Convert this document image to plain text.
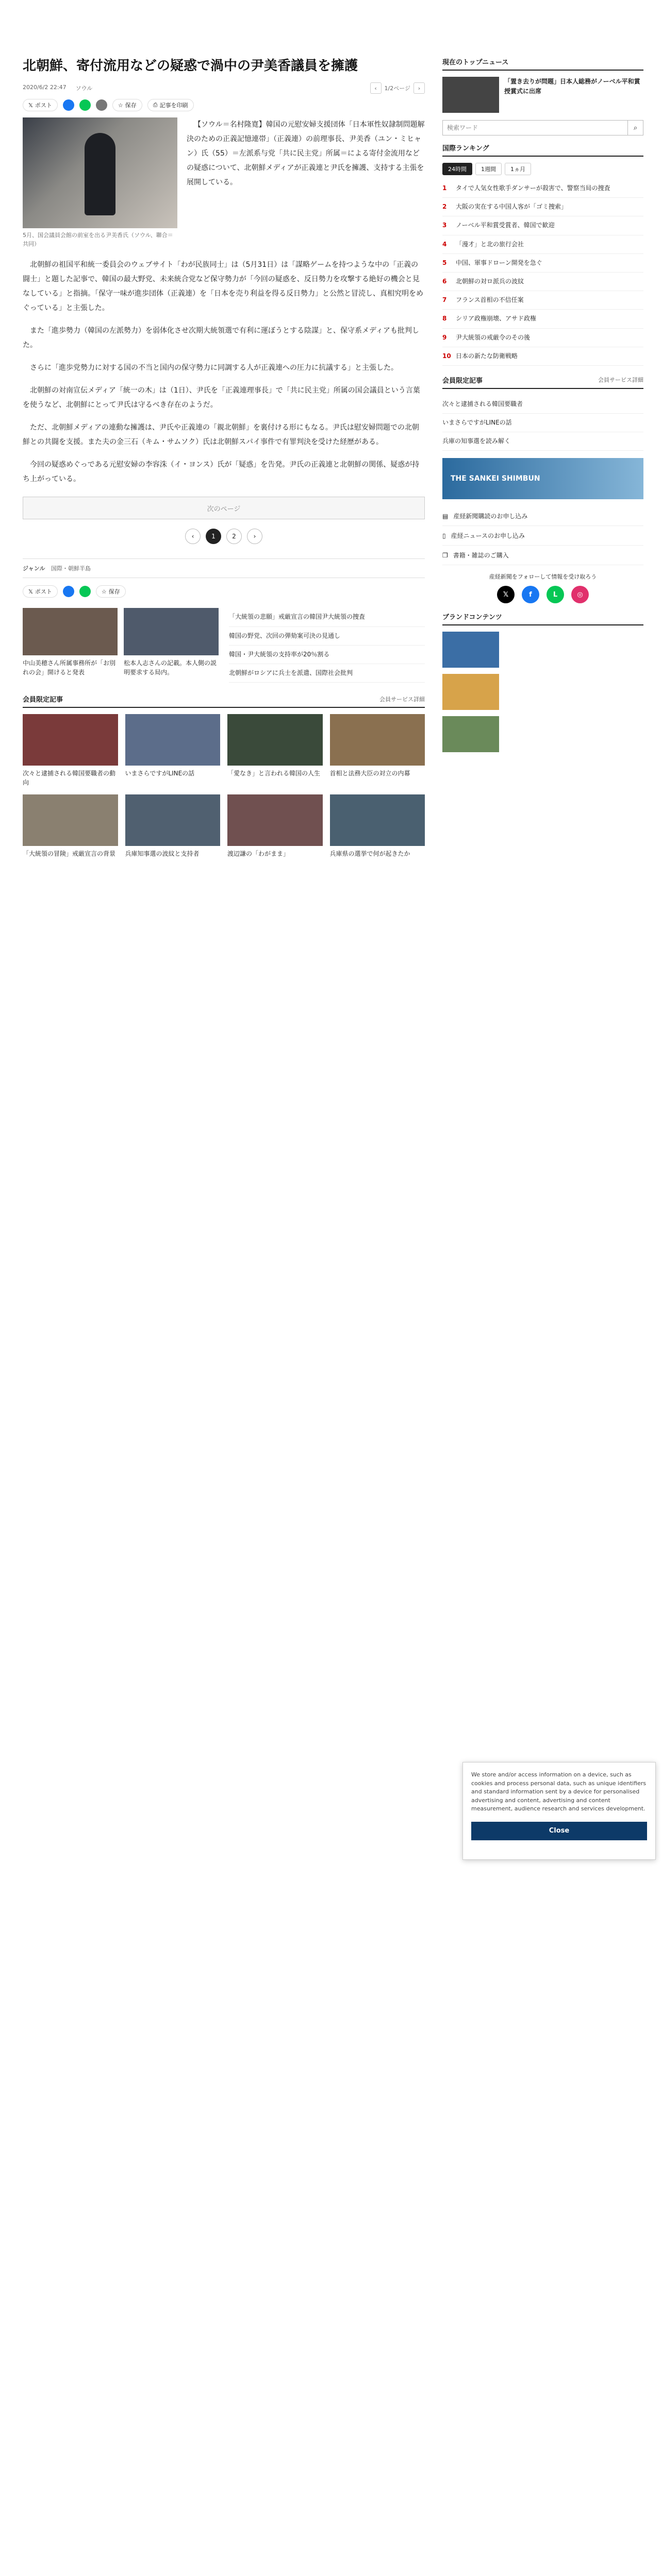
北朝鮮、寄付流用などの疑惑で渦中の尹美香議員を擁護
2020/6/2 22:47 ソウル	‹	1/2ページ	›
𝕏 ポスト	☆ 保存	⎙ 記事を印刷
5月、国会議員会館の前室を出る尹美香氏（ソウル、聯合＝共同）

【ソウル＝名村隆寛】韓国の元慰安婦支援団体「日本軍性奴隷制問題解決のための正義記憶連帯」（正義連）の前理事長、尹美香（ユン・ミヒャン）氏（55）＝左派系与党「共に民主党」所属＝による寄付金流用などの疑惑について、北朝鮮メディアが正義連と尹氏を擁護、支持する主張を展開している。

北朝鮮の祖国平和統一委員会のウェブサイト「わが民族同士」は（5月31日）は「謀略ゲームを持つような中の「正義の闘士」と題した記事で、韓国の最大野党、未来統合党など保守勢力が「今回の疑惑を、反日勢力を攻撃する絶好の機会と見なしている」と指摘。「保守一味が進歩団体（正義連）を「日本を売り利益を得る反日勢力」と公然と冒涜し、真相究明をめぐっている」と主張した。

また「進歩勢力（韓国の左派勢力）を弱体化させ次期大統領選で有利に運ぼうとする陰謀」と、保守系メディアも批判した。

さらに「進歩党勢力に対する国の不当と国内の保守勢力に同調する人が正義連への圧力に抗議する」と主張した。

北朝鮮の対南宣伝メディア「統一の木」は（1日）、尹氏を「正義連理事長」で「共に民主党」所属の国会議員という言葉を使うなど、北朝鮮にとって尹氏は守るべき存在のようだ。

ただ、北朝鮮メディアの連動な擁護は、尹氏や正義連の「親北朝鮮」を裏付ける形にもなる。尹氏は慰安婦問題での北朝鮮との共闘を支援。また夫の金三石（キム・サムソク）氏は北朝鮮スパイ事件で有罪判決を受けた経歴がある。

今回の疑惑めぐっである元慰安婦の李容洙（イ・ヨンス）氏が「疑惑」を告発。尹氏の正義連と北朝鮮の関係、疑惑が持ち上がっている。

次のページ
‹	1	2	›
ジャンル 国際・朝鮮半島
𝕏 ポスト	☆ 保存
中山美穂さん所属事務所が「お別れの会」開けると発表
松本人志さんの記載。本人側の説明要求する局内。
「大統領の悲願」戒厳宣言の韓国尹大統領の捜査
韓国の野党、次回の弾劾案可決の見通し
韓国・尹大統領の支持率が20％割る
北朝鮮がロシアに兵士を派遣、国際社会批判
会員限定記事	会員サービス詳細
次々と逮捕される韓国要職者の動向
いまさらですがLINEの話	「愛なき」と言われる韓国の人生	首相と法務大臣の対立の内幕
「大統領の冒険」戒厳宣言の背景	兵庫知事選の波紋と支持者	渡辺謙の「わがまま」	兵庫県の選挙で何が起きたか
現在のトップニュース
「置き去りが問題」日本人総務がノーベル平和賞授賞式に出席
検索ワード
⌕
国際ランキング
24時間	1週間	1ヵ月
1	タイで人気女性歌手ダンサーが殺害で、警察当局の捜査
2	大阪の実在する中国人客が「ゴミ捜索」
3	ノーベル平和賞受賞者、韓国で歓迎
4	「漫才」と北の旅行会社
5	中国、軍事ドローン開発を急ぐ
6	北朝鮮の対ロ派兵の波紋
7	フランス首相の不信任案
8	シリア政権崩壊、アサド政権
9	尹大統領の戒厳令のその後
10 日本の新たな防衛戦略
会員限定記事	会員サービス詳細
次々と逮捕される韓国要職者
いまさらですがLINEの話
兵庫の知事選を読み解く
THE SANKEI SHIMBUN
▤ 産経新聞購読のお申し込み
▯ 産経ニュースのお申し込み
❐ 書籍・雑誌のご購入
産経新聞をフォローして情報を受け取ろう
𝕏	f	L	◎
ブランドコンテンツ
We store and/or access information on a device, such as cookies and process personal data, such as unique identifiers and standard information sent by a device for personalised advertising and content, advertising and content measurement, audience research and services development.
Close
